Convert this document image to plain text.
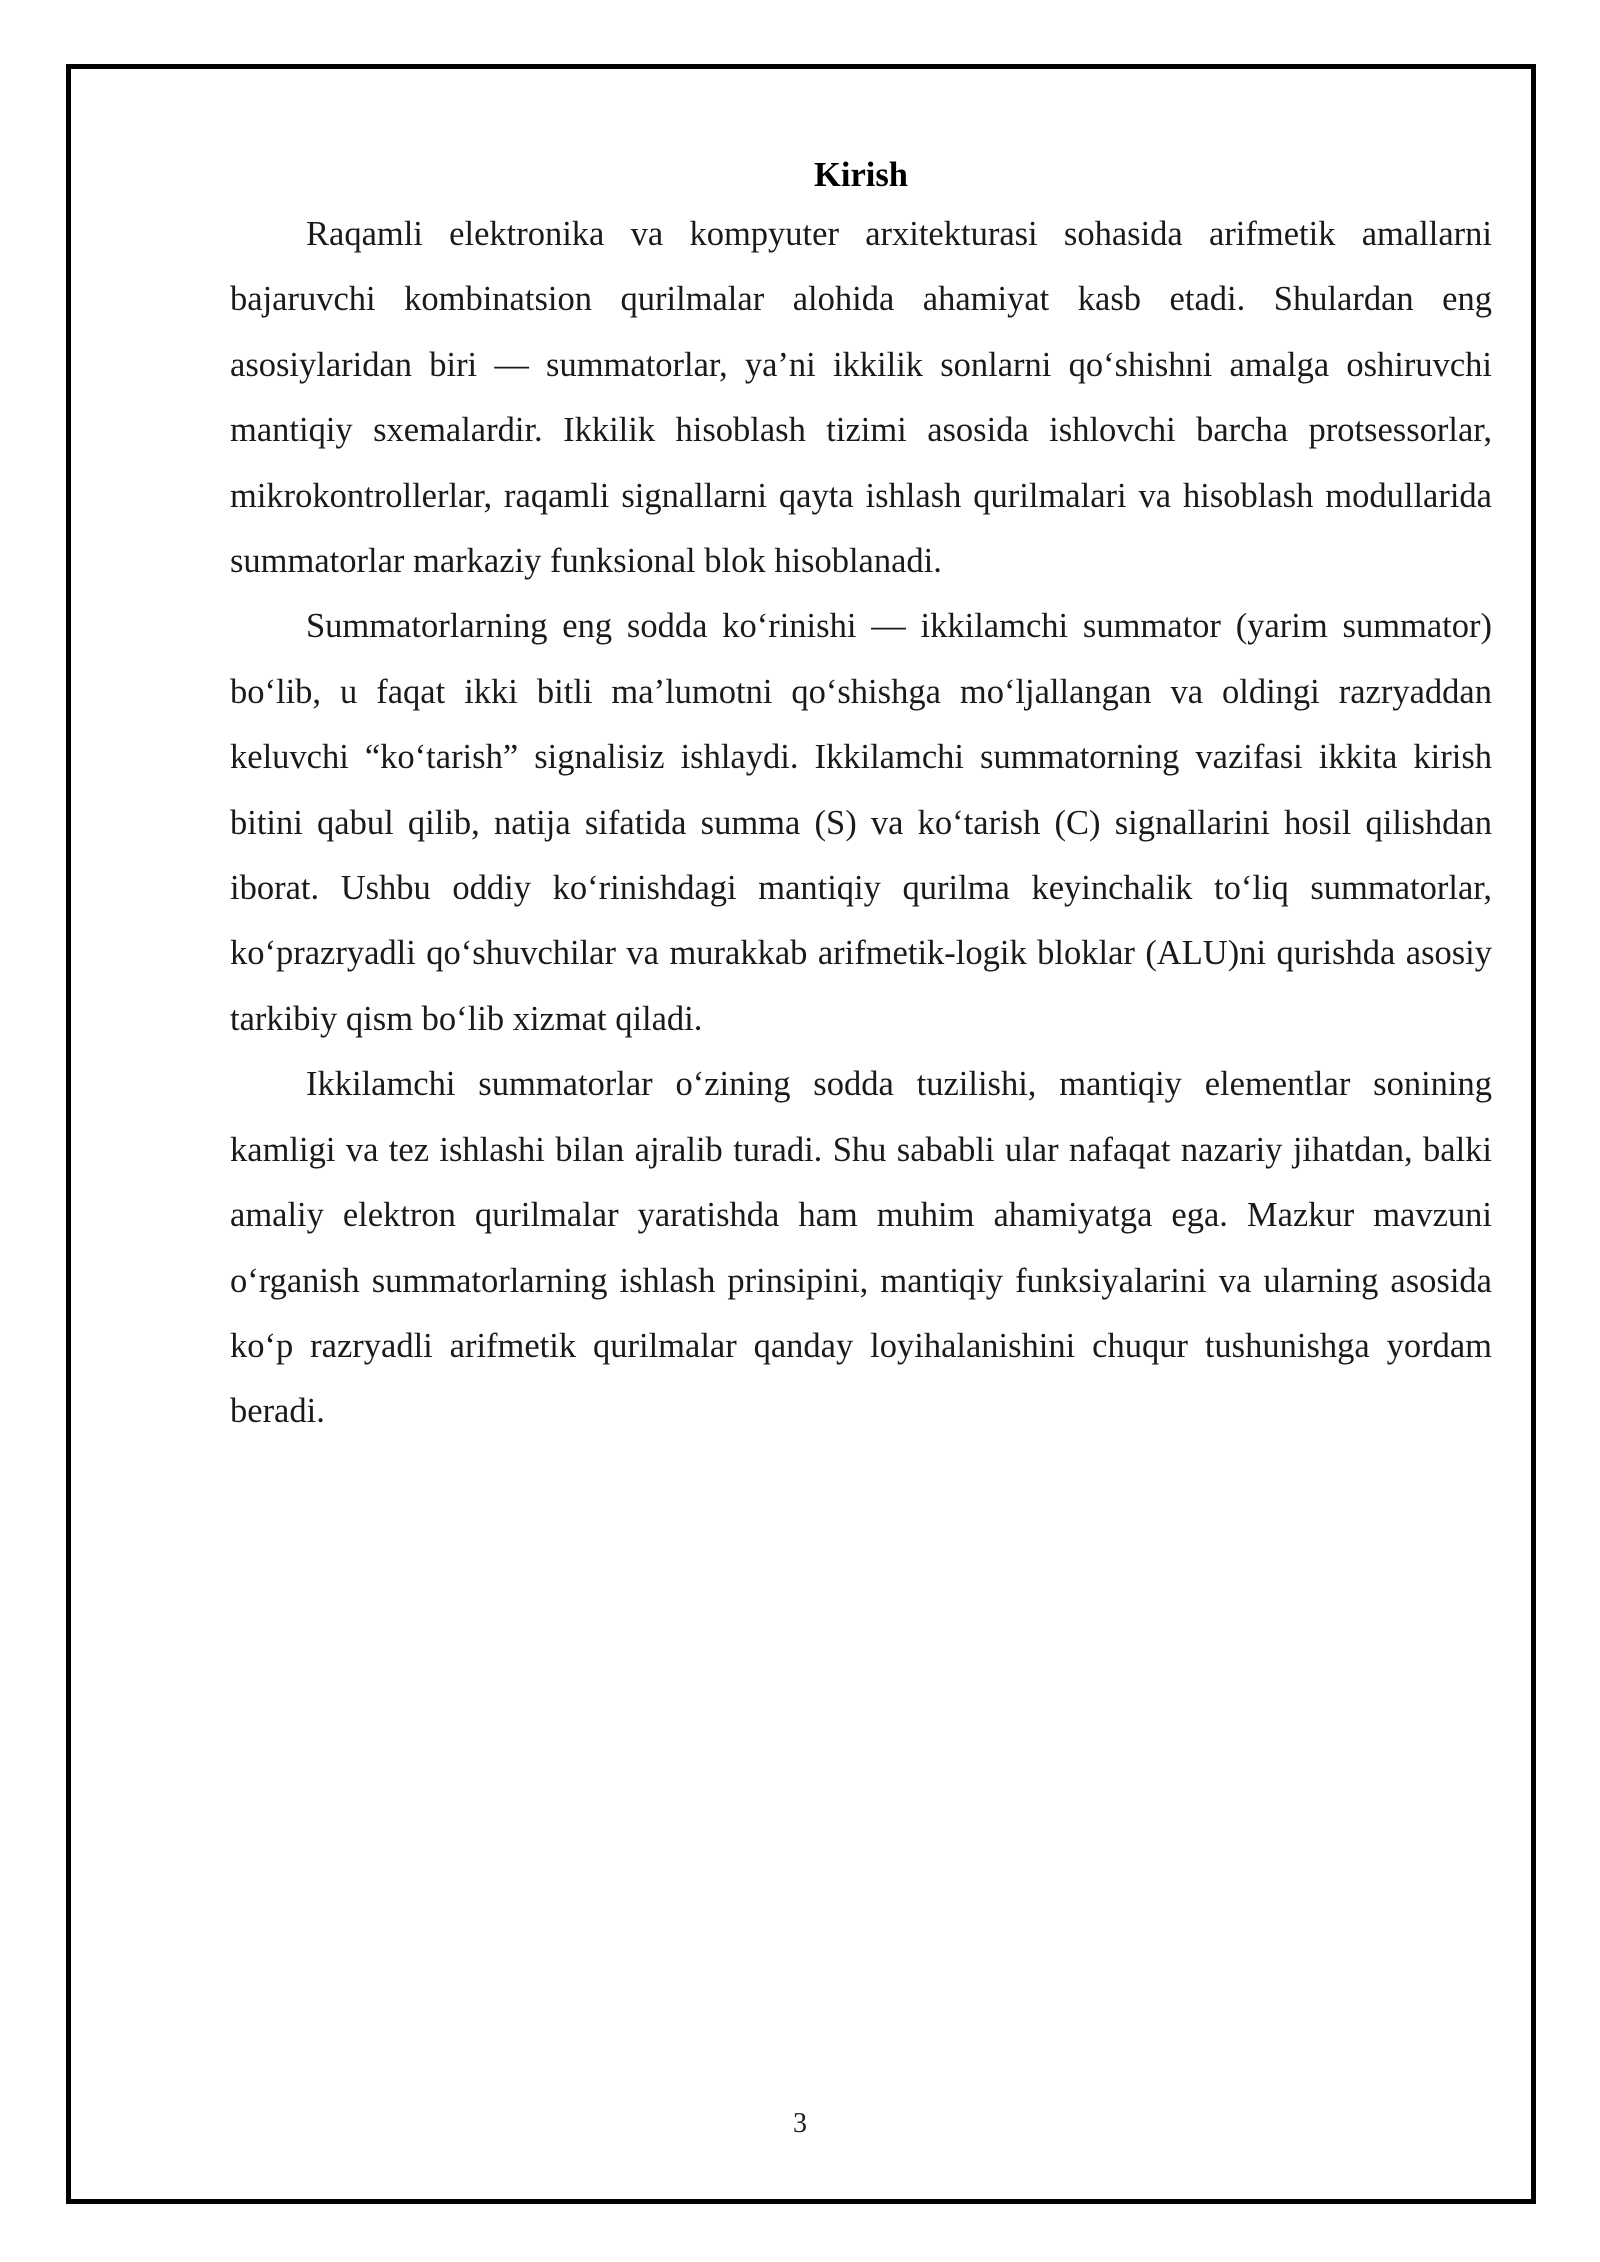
Kirish

Raqamli elektronika va kompyuter arxitekturasi sohasida arifmetik amallarni bajaruvchi kombinatsion qurilmalar alohida ahamiyat kasb etadi. Shulardan eng asosiylaridan biri — summatorlar, ya’ni ikkilik sonlarni qo‘shishni amalga oshiruvchi mantiqiy sxemalardir. Ikkilik hisoblash tizimi asosida ishlovchi barcha protsessorlar, mikrokontrollerlar, raqamli signallarni qayta ishlash qurilmalari va hisoblash modullarida summatorlar markaziy funksional blok hisoblanadi.

Summatorlarning eng sodda ko‘rinishi — ikkilamchi summator (yarim summator) bo‘lib, u faqat ikki bitli ma’lumotni qo‘shishga mo‘ljallangan va oldingi razryaddan keluvchi “ko‘tarish” signalisiz ishlaydi. Ikkilamchi summatorning vazifasi ikkita kirish bitini qabul qilib, natija sifatida summa (S) va ko‘tarish (C) signallarini hosil qilishdan iborat. Ushbu oddiy ko‘rinishdagi mantiqiy qurilma keyinchalik to‘liq summatorlar, ko‘prazryadli qo‘shuvchilar va murakkab arifmetik-logik bloklar (ALU)ni qurishda asosiy tarkibiy qism bo‘lib xizmat qiladi.

Ikkilamchi summatorlar o‘zining sodda tuzilishi, mantiqiy elementlar sonining kamligi va tez ishlashi bilan ajralib turadi. Shu sababli ular nafaqat nazariy jihatdan, balki amaliy elektron qurilmalar yaratishda ham muhim ahamiyatga ega. Mazkur mavzuni o‘rganish summatorlarning ishlash prinsipini, mantiqiy funksiyalarini va ularning asosida ko‘p razryadli arifmetik qurilmalar qanday loyihalanishini chuqur tushunishga yordam beradi.

3
